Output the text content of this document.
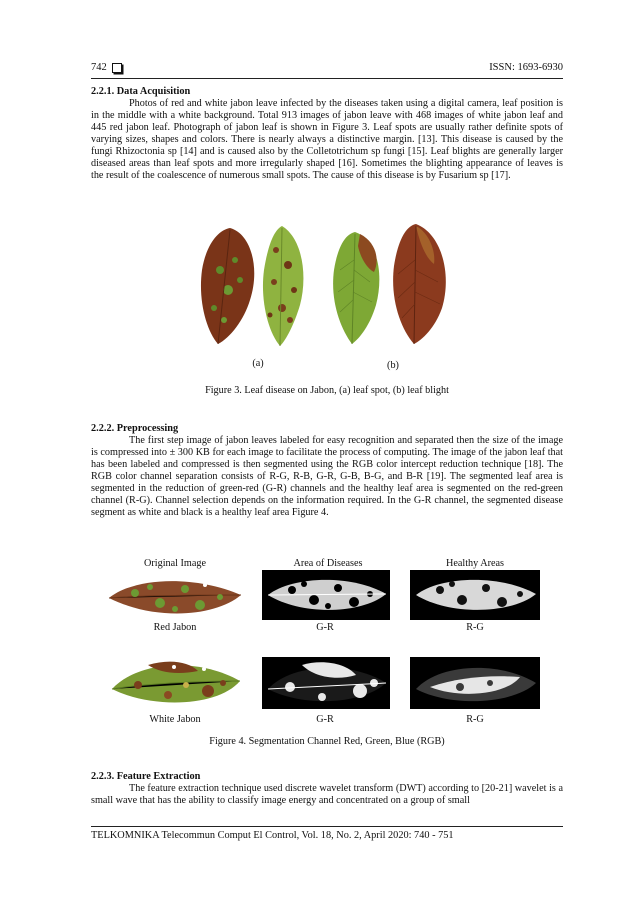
742	ISSN: 1693-6930

2.2.1. Data Acquisition

Photos of red and white jabon leave infected by the diseases taken using a digital camera, leaf position is in the middle with a white background. Total 913 images of jabon leave with 468 images of white jabon leaf and 445 red jabon leaf. Photograph of jabon leaf is shown in Figure 3. Leaf spots are usually rather definite spots of varying sizes, shapes and colors. There is nearly always a distinctive margin. [13]. This disease is caused by the fungi Rhizoctonia sp [14] and is caused also by the Colletotrichum sp fungi [15]. Leaf blights are generally larger diseased areas than leaf spots and more irregularly shaped [16]. Sometimes the blighting appearance of leaves is the result of the coalescence of numerous small spots. The cause of this disease is by Fusarium sp [17].

(a)	(b)
Figure 3. Leaf disease on Jabon, (a) leaf spot, (b) leaf blight

2.2.2. Preprocessing

The first step image of jabon leaves labeled for easy recognition and separated then the size of the image is compressed into ± 300 KB for each image to facilitate the process of computing. The image of the jabon leaf that has been labeled and compressed is then segmented using the RGB color intercept reduction technique [18]. The RGB color channel separation consists of R-G, R-B, G-R, G-B, B-G, and B-R [19]. The segmented leaf area is segmented in the reduction of green-red (G-R) channels and the healthy leaf area is segmented on the red-green channel (R-G). Channel selection depends on the information required. In the G-R channel, the segmented disease segment as white and black is a healthy leaf area Figure 4.

Original Image	Area of Diseases	Healthy Areas
Red Jabon	G-R	R-G
White Jabon	G-R	R-G
Figure 4. Segmentation Channel Red, Green, Blue (RGB)

2.2.3. Feature Extraction

The feature extraction technique used discrete wavelet transform (DWT) according to [20-21] wavelet is a small wave that has the ability to classify image energy and concentrated on a group of small

TELKOMNIKA Telecommun Comput El Control, Vol. 18, No. 2, April 2020: 740 - 751
